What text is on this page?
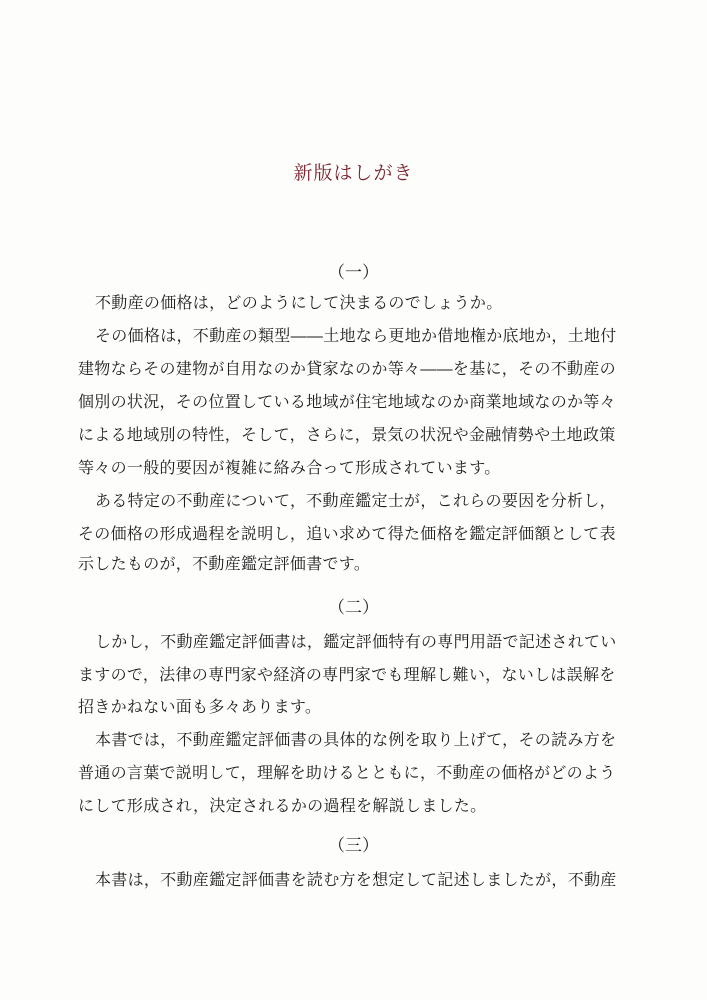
新版はしがき
（一）
不動産の価格は，どのようにして決まるのでしょうか。
その価格は，不動産の類型――土地なら更地か借地権か底地か，土地付
建物ならその建物が自用なのか貸家なのか等々――を基に，その不動産の
個別の状況，その位置している地域が住宅地域なのか商業地域なのか等々
による地域別の特性，そして，さらに，景気の状況や金融情勢や土地政策
等々の一般的要因が複雑に絡み合って形成されています。
ある特定の不動産について，不動産鑑定士が，これらの要因を分析し，
その価格の形成過程を説明し，追い求めて得た価格を鑑定評価額として表
示したものが，不動産鑑定評価書です。
（二）
しかし，不動産鑑定評価書は，鑑定評価特有の専門用語で記述されてい
ますので，法律の専門家や経済の専門家でも理解し難い，ないしは誤解を
招きかねない面も多々あります。
本書では，不動産鑑定評価書の具体的な例を取り上げて，その読み方を
普通の言葉で説明して，理解を助けるとともに，不動産の価格がどのよう
にして形成され，決定されるかの過程を解説しました。
（三）
本書は，不動産鑑定評価書を読む方を想定して記述しましたが，不動産
